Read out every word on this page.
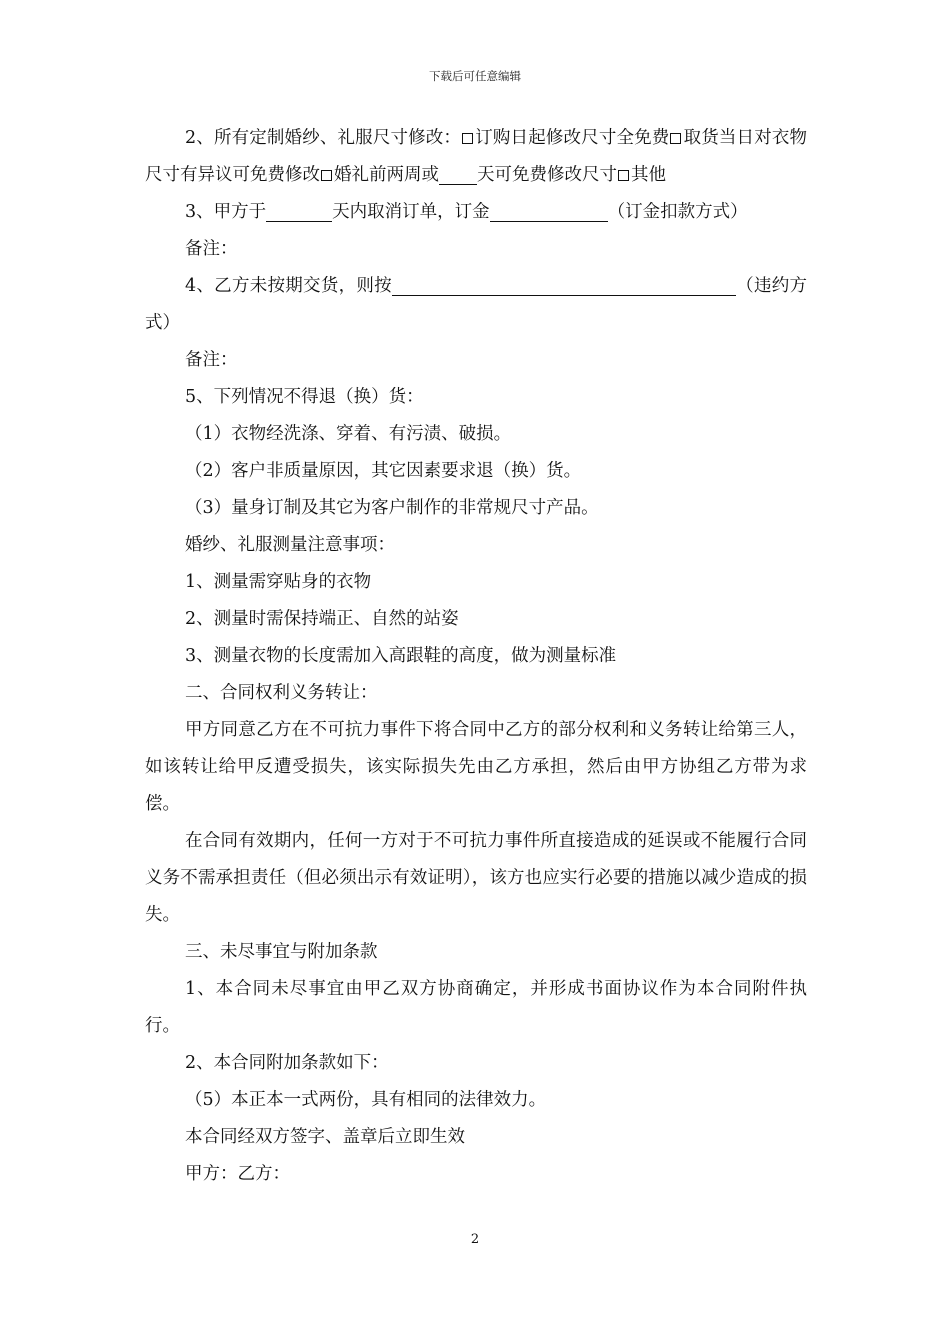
下载后可任意编辑

2、所有定制婚纱、礼服尺寸修改： 订购日起修改尺寸全免费 取货当日对衣物尺寸有异议可免费修改 婚礼前两周或 天可免费修改尺寸 其他

3、甲方于	天内取消订单，订金	（订金扣款方式）

备注：

4、乙方未按期交货，则按	（违约方式）

备注：

5、下列情况不得退（换）货：

（1）衣物经洗涤、穿着、有污渍、破损。

（2）客户非质量原因，其它因素要求退（换）货。

（3）量身订制及其它为客户制作的非常规尺寸产品。

婚纱、礼服测量注意事项：

1、测量需穿贴身的衣物

2、测量时需保持端正、自然的站姿

3、测量衣物的长度需加入高跟鞋的高度，做为测量标准

二、合同权利义务转让：

甲方同意乙方在不可抗力事件下将合同中乙方的部分权利和义务转让给第三人，如该转让给甲反遭受损失，该实际损失先由乙方承担，然后由甲方协组乙方带为求偿。

在合同有效期内，任何一方对于不可抗力事件所直接造成的延误或不能履行合同义务不需承担责任（但必须出示有效证明），该方也应实行必要的措施以减少造成的损失。

三、未尽事宜与附加条款

1、本合同未尽事宜由甲乙双方协商确定，并形成书面协议作为本合同附件执行。

2、本合同附加条款如下：

（5）本正本一式两份，具有相同的法律效力。

本合同经双方签字、盖章后立即生效

甲方：乙方：

2
